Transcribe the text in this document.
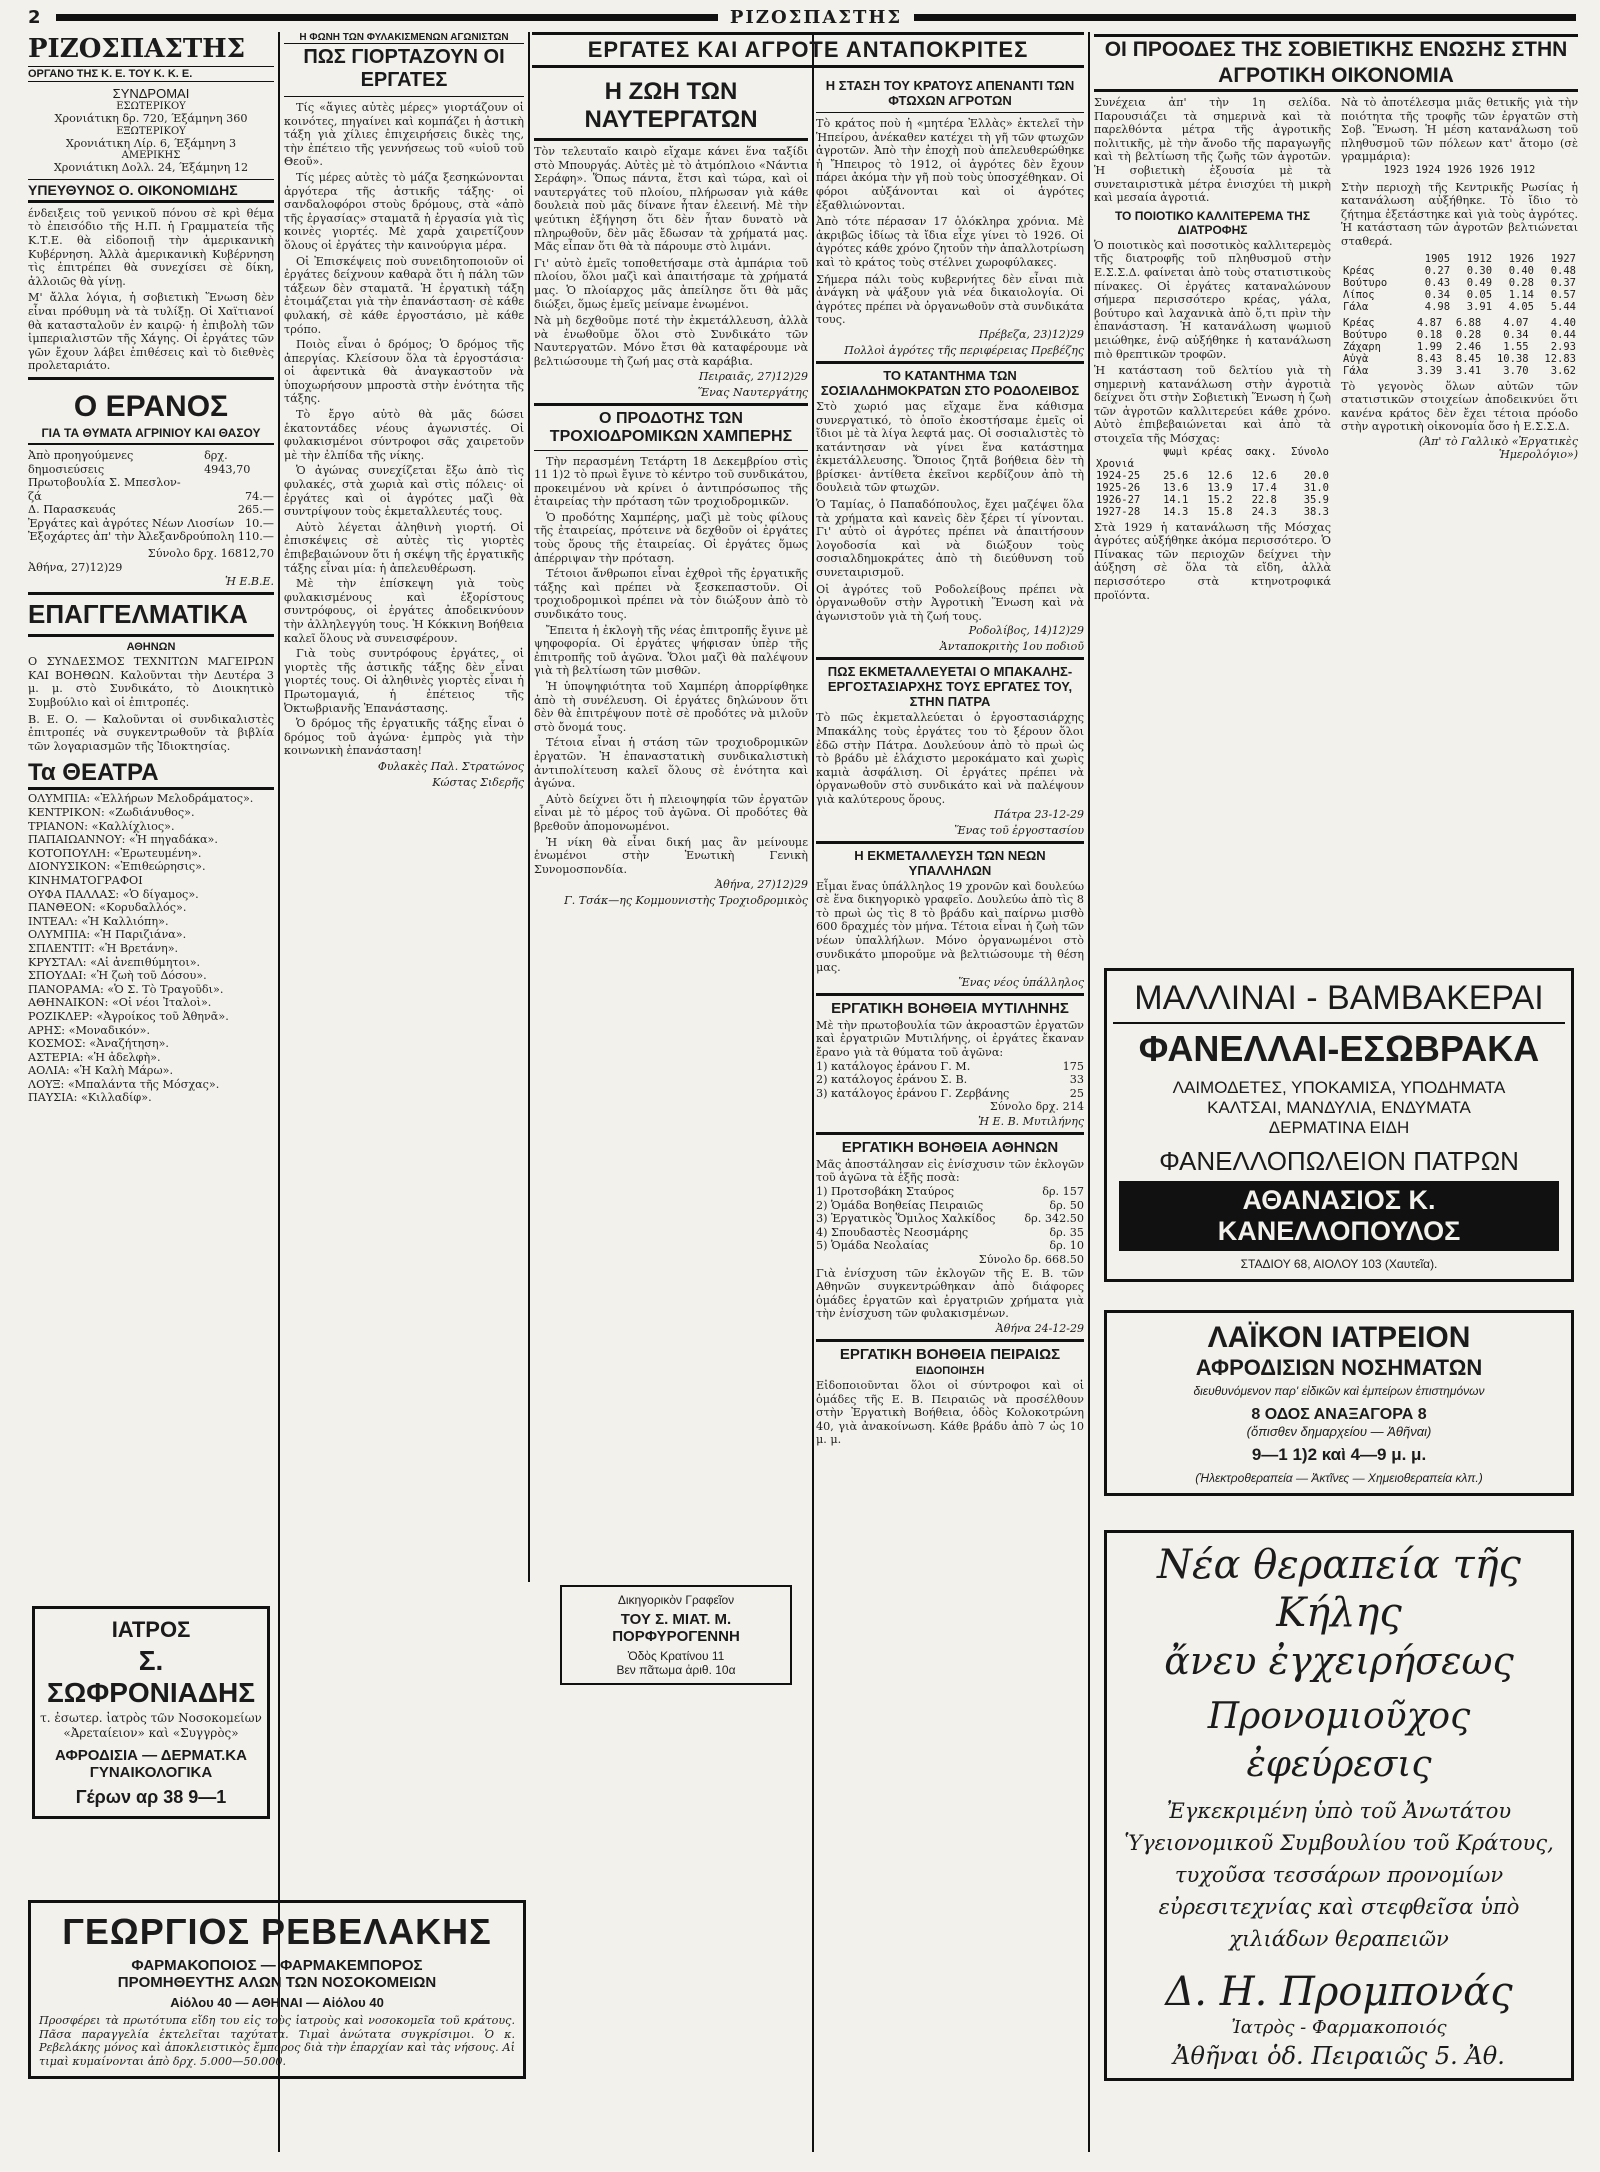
2	ΡΙΖΟΣΠΑΣΤΗΣ
ΡΙΖΟΣΠΑΣΤΗΣ
ΟΡΓΑΝΟ ΤΗΣ Κ. Ε. ΤΟΥ Κ. Κ. Ε.
ΣΥΝΔΡΟΜΑΙ
ΕΣΩΤΕΡΙΚΟΥ
Χρονιάτικη δρ. 720, Έξάμηνη 360
ΕΞΩΤΕΡΙΚΟΥ
Χρονιάτικη Λίρ. 6, Έξάμηνη 3
ΑΜΕΡΙΚΗΣ
Χρονιάτικη Δολλ. 24, Έξάμηνη 12
ΥΠΕΥΘΥΝΟΣ Ο. ΟΙΚΟΝΟΜΙΔΗΣ

ένδειξεις τοῦ γενικοῦ πόνου σὲ κρὶ θέμα τὸ ἐπεισόδιο τῆς Η.Π. ἡ Γραμματεία τῆς Κ.Τ.Ε. θὰ εἰδοποιῇ τὴν ἀμερικανικὴ Κυβέρνηση. Ἀλλὰ ἀμερικανικὴ Κυβέρνηση τὶς ἐπιτρέπει θὰ συνεχίσει σὲ δίκη, ἀλλοιῶς θὰ γίνῃ.

Μ' ἄλλα λόγια, ἡ σοβιετικὴ Ἕνωση δὲν εἶναι πρόθυμη νὰ τὰ τυλίξῃ. Οἱ Χαϊτιανοί θὰ κατασταλοῦν ἐν καιρῷ· ἡ ἐπιβολὴ τῶν ἰμπεριαλιστῶν τῆς Χάγης. Οἱ ἐργάτες τῶν γῶν ἔχουν λάβει ἐπιθέσεις καὶ τὸ διεθνὲς προλεταριάτο.

Ο ΕΡΑΝΟΣ
ΓΙΑ ΤΑ ΘΥΜΑΤΑ ΑΓΡΙΝΙΟΥ ΚΑΙ ΘΑΣΟΥ
Ἀπὸ προηγούμενες δημοσιεύσεις
δρχ. 4943,70
Πρωτοβουλία Σ. Μπεσλον-
ζά	74.—
Δ. Παρασκευάς	265.—
Ἐργάτες καὶ ἀγρότες Νέων Λιοσίων 10.—
Ἐξοχάρτες ἀπ' τὴν Ἀλεξανδρούπολη 110.—
Σύνολο δρχ. 16812,70
Ἀθήνα, 27)12)29
Ἡ Ε.Β.Ε.
ΕΠΑΓΓΕΛΜΑΤΙΚΑ
ΑΘΗΝΩΝ

Ο ΣΥΝΔΕΣΜΟΣ ΤΕΧΝΙΤΩΝ ΜΑΓΕΙΡΩΝ ΚΑΙ ΒΟΗΘΩΝ. Καλοῦνται τὴν Δευτέρα 3 μ. μ. στὸ Συνδικάτο, τὸ Διοικητικὸ Συμβούλιο καὶ οἱ ἐπιτροπές.

Β. Ε. Ο. — Καλοῦνται οἱ συνδικαλιστὲς ἐπιτροπές νὰ συγκεντρωθοῦν τὰ βιβλία τῶν λογαριασμῶν τῆς Ἰδιοκτησίας.

Τα ΘΕΑΤΡΑ
ΟΛΥΜΠΙΑ: «Ἐλλήρων Μελοδράματος».
ΚΕΝΤΡΙΚΟΝ: «Ζωδιάνυθος».
ΤΡΙΑΝΟΝ: «Καλλίχλιος».
ΠΑΠΑΙΩΑΝΝΟΥ: «Ἡ πηγαδάκα».
ΚΟΤΟΠΟΥΛΗ: «Ἐρωτευμένη».
ΔΙΟΝΥΣΙΚΟΝ: «Ἐπιθεώρησις».
ΚΙΝΗΜΑΤΟΓΡΑΦΟΙ
ΟΥΦΑ ΠΑΛΛΑΣ: «Ὁ δίγαμος».
ΠΑΝΘΕΟΝ: «Κορυδαλλός».
ΙΝΤΕΑΛ: «Ἡ Καλλιόπη».
ΟΛΥΜΠΙΑ: «Ἡ Παριζιάνα».
ΣΠΛΕΝΤΙΤ: «Ἡ Βρετάνη».
ΚΡΥΣΤΑΛ: «Αἱ ἀνεπιθύμητοι».
ΣΠΟΥΔΑΙ: «Ἡ ζωὴ τοῦ Δόσου».
ΠΑΝΟΡΑΜΑ: «Ὁ Σ. Τὸ Τραγοῦδι».
ΑΘΗΝΑΙΚΟΝ: «Οἱ νέοι Ἰταλοὶ».
ΡΟΖΙΚΛΕΡ: «Ἀγροίκος τοῦ Ἀθηνᾶ».
ΑΡΗΣ: «Μοναδικόν».
ΚΟΣΜΟΣ: «Ἀναζήτηση».
ΑΣΤΕΡΙΑ: «Ἡ ἀδελφὴ».
ΑΟΛΙΑ: «Ἡ Καλὴ Μάρω».
ΛΟΥΞ: «Μπαλάντα τῆς Μόσχας».
ΠΑΥΣΙΑ: «Κιλλαδίφ».
ΙΑΤΡΟΣ
Σ. ΣΩΦΡΟΝΙΑΔΗΣ
τ. ἐσωτερ. ἰατρὸς τῶν Νοσοκομείων «Ἀρεταίειον» καὶ «Συγγρὸς»
ΑΦΡΟΔΙΣΙΑ — ΔΕΡΜΑΤ.ΚΑ ΓΥΝΑΙΚΟΛΟΓΙΚΑ
Γέρων αρ 38 9—1
Η ΦΩΝΗ ΤΩΝ ΦΥΛΑΚΙΣΜΕΝΩΝ ΑΓΩΝΙΣΤΩΝ
ΠΩΣ ΓΙΟΡΤΑΖΟΥΝ ΟΙ ΕΡΓΑΤΕΣ

Τίς «ἅγιες αὐτὲς μέρες» γιορτάζουν οἱ κοινότες, πηγαίνει καὶ κομπάζει ἡ ἀστικὴ τάξη γιὰ χίλιες ἐπιχειρήσεις δικὲς της, τὴν ἐπέτειο τῆς γεννήσεως τοῦ «υἱοῦ τοῦ Θεοῦ».

Τίς μέρες αὐτὲς τὸ μάζα ξεσηκώνονται ἀργότερα τῆς ἀστικῆς τάξης· οἱ σανδαλοφόροι στοὺς δρόμους, στὰ «ἀπὸ τῆς ἐργασίας» σταματᾶ ἡ ἐργασία γιὰ τὶς κοινὲς γιορτές. Μὲ χαρὰ χαιρετίζουν ὅλους οἱ ἐργάτες τὴν καινούργια μέρα.

Οἱ Ἐπισκέψεις ποὺ συνειδητοποιοῦν οἱ ἐργάτες δείχνουν καθαρὰ ὅτι ἡ πάλη τῶν τάξεων δὲν σταματᾶ. Ἡ ἐργατικὴ τάξη ἐτοιμάζεται γιὰ τὴν ἐπανάσταση· σὲ κάθε φυλακή, σὲ κάθε ἐργοστάσιο, μὲ κάθε τρόπο.

Ποιὸς εἶναι ὁ δρόμος; Ὁ δρόμος τῆς ἀπεργίας. Κλείσουν ὅλα τὰ ἐργοστάσια· οἱ ἀφεντικὰ θὰ ἀναγκαστοῦν νὰ ὑποχωρήσουν μπροστὰ στὴν ἑνότητα τῆς τάξης.

Τὸ ἔργο αὐτὸ θὰ μᾶς δώσει ἑκατοντάδες νέους ἀγωνιστές. Οἱ φυλακισμένοι σύντροφοι σᾶς χαιρετοῦν μὲ τὴν ἐλπίδα τῆς νίκης.

Ὁ ἀγώνας συνεχίζεται ἔξω ἀπὸ τὶς φυλακές, στὰ χωριὰ καὶ στὶς πόλεις· οἱ ἐργάτες καὶ οἱ ἀγρότες μαζὶ θὰ συντρίψουν τοὺς ἐκμεταλλευτές τους.

Αὐτὸ λέγεται ἀληθινὴ γιορτή. Οἱ ἐπισκέψεις σὲ αὐτὲς τὶς γιορτὲς ἐπιβεβαιώνουν ὅτι ἡ σκέψη τῆς ἐργατικῆς τάξης εἶναι μία: ἡ ἀπελευθέρωση.

Μὲ τὴν ἐπίσκεψη γιὰ τοὺς φυλακισμένους καὶ ἐξορίστους συντρόφους, οἱ ἐργάτες ἀποδεικνύουν τὴν ἀλληλεγγύη τους. Ἡ Κόκκινη Βοήθεια καλεῖ ὅλους νὰ συνεισφέρουν.

Γιὰ τοὺς συντρόφους ἐργάτες, οἱ γιορτὲς τῆς ἀστικῆς τάξης δὲν εἶναι γιορτές τους. Οἱ ἀληθινὲς γιορτὲς εἶναι ἡ Πρωτομαγιά, ἡ ἐπέτειος τῆς Ὀκτωβριανῆς Ἐπανάστασης.

Ὁ δρόμος τῆς ἐργατικῆς τάξης εἶναι ὁ δρόμος τοῦ ἀγώνα· ἐμπρὸς γιὰ τὴν κοινωνικὴ ἐπανάσταση!

Φυλακὲς Παλ. Στρατώνος
Κώστας Σιδερῆς
Δικηγορικὸν Γραφεῖον
ΤΟΥ Σ. ΜΙΑΤ. Μ. ΠΟΡΦΥΡΟΓΕΝΝΗ
Ὁδὸς Κρατίνου 11
Βεν πᾶτωμα ἀριθ. 10α
ΓΕΩΡΓΙΟΣ ΡΕΒΕΛΑΚΗΣ
ΦΑΡΜΑΚΟΠΟΙΟΣ — ΦΑΡΜΑΚΕΜΠΟΡΟΣ
ΠΡΟΜΗΘΕΥΤΗΣ ΑΛΩΝ ΤΩΝ ΝΟΣΟΚΟΜΕΙΩΝ
Αἰόλου 40 — ΑΘΗΝΑΙ — Αἰόλου 40
Προσφέρει τὰ πρωτότυπα εἴδη του εἰς τοὺς ἰατροὺς καὶ νοσοκομεῖα τοῦ κράτους. Πᾶσα παραγγελία ἐκτελεῖται ταχύτατα. Τιμαὶ ἀνώτατα συγκρίσιμοι. Ὁ κ. Ρεβελάκης μόνος καὶ ἀποκλειστικὸς ἔμπορος διὰ τὴν ἐπαρχίαν καὶ τὰς νήσους. Αἱ τιμαὶ κυμαίνονται ἀπὸ δρχ. 5.000—50.000.
ΕΡΓΑΤΕΣ ΚΑΙ ΑΓΡΟΤΕ ΑΝΤΑΠΟΚΡΙΤΕΣ
Η ΖΩΗ ΤΩΝ ΝΑΥΤΕΡΓΑΤΩΝ

Τὸν τελευταῖο καιρὸ εἴχαμε κάνει ἕνα ταξίδι στὸ Μπουργάς. Αὐτὲς μὲ τὸ ἀτμόπλοιο «Νάντια Σεράφη». Ὅπως πάντα, ἔτσι καὶ τώρα, καὶ οἱ ναυτεργάτες τοῦ πλοίου, πλήρωσαν γιὰ κάθε δουλειὰ ποὺ μᾶς δίνανε ἦταν ἐλεεινή. Μὲ τὴν ψεύτικη ἐξήγηση ὅτι δὲν ἦταν δυνατὸ νὰ πληρωθοῦν, δὲν μᾶς ἔδωσαν τὰ χρήματά μας. Μᾶς εἶπαν ὅτι θὰ τὰ πάρουμε στὸ λιμάνι.

Γι' αὐτὸ ἐμεῖς τοποθετήσαμε στὰ ἀμπάρια τοῦ πλοίου, ὅλοι μαζὶ καὶ ἀπαιτήσαμε τὰ χρήματά μας. Ὁ πλοίαρχος μᾶς ἀπείλησε ὅτι θὰ μᾶς διώξει, ὅμως ἐμεῖς μείναμε ἑνωμένοι.

Νὰ μὴ δεχθοῦμε ποτέ τὴν ἐκμετάλλευση, ἀλλὰ νὰ ἑνωθοῦμε ὅλοι στὸ Συνδικάτο τῶν Ναυτεργατῶν. Μόνο ἔτσι θὰ καταφέρουμε νὰ βελτιώσουμε τὴ ζωή μας στὰ καράβια.

Πειραιᾶς, 27)12)29
Ἕνας Ναυτεργάτης
Ο ΠΡΟΔΟΤΗΣ ΤΩΝ ΤΡΟΧΙΟΔΡΟΜΙΚΩΝ ΧΑΜΠΕΡΗΣ

Τὴν περασμένη Τετάρτη 18 Δεκεμβρίου στὶς 11 1)2 τὸ πρωὶ ἔγινε τὸ κέντρο τοῦ συνδικάτου, προκειμένου νὰ κρίνει ὁ ἀντιπρόσωπος τῆς ἐταιρείας τὴν πρόταση τῶν τροχιοδρομικῶν.

Ὁ προδότης Χαμπέρης, μαζὶ μὲ τοὺς φίλους τῆς ἐταιρείας, πρότεινε νὰ δεχθοῦν οἱ ἐργάτες τοὺς ὅρους τῆς ἐταιρείας. Οἱ ἐργάτες ὅμως ἀπέρριψαν τὴν πρόταση.

Τέτοιοι ἄνθρωποι εἶναι ἐχθροὶ τῆς ἐργατικῆς τάξης καὶ πρέπει νὰ ξεσκεπαστοῦν. Οἱ τροχιοδρομικοὶ πρέπει νὰ τὸν διώξουν ἀπὸ τὸ συνδικάτο τους.

Ἔπειτα ἡ ἐκλογὴ τῆς νέας ἐπιτροπῆς ἔγινε μὲ ψηφοφορία. Οἱ ἐργάτες ψήφισαν ὑπὲρ τῆς ἐπιτροπῆς τοῦ ἀγῶνα. Ὅλοι μαζὶ θὰ παλέψουν γιὰ τὴ βελτίωση τῶν μισθῶν.

Ἡ ὑποψηφιότητα τοῦ Χαμπέρη ἀπορρίφθηκε ἀπὸ τὴ συνέλευση. Οἱ ἐργάτες δηλώνουν ὅτι δὲν θὰ ἐπιτρέψουν ποτὲ σὲ προδότες νὰ μιλοῦν στὸ ὄνομά τους.

Τέτοια εἶναι ἡ στάση τῶν τροχιοδρομικῶν ἐργατῶν. Ἡ ἐπαναστατικὴ συνδικαλιστικὴ ἀντιπολίτευση καλεῖ ὅλους σὲ ἑνότητα καὶ ἀγώνα.

Αὐτὸ δείχνει ὅτι ἡ πλειοψηφία τῶν ἐργατῶν εἶναι μὲ τὸ μέρος τοῦ ἀγῶνα. Οἱ προδότες θὰ βρεθοῦν ἀπομονωμένοι.

Ἡ νίκη θὰ εἶναι δική μας ἂν μείνουμε ἑνωμένοι στὴν Ἑνωτικὴ Γενικὴ Συνομοσπονδία.

Ἀθήνα, 27)12)29
Γ. Τσάκ—ης Κομμουνιστὴς Τροχιοδρομικὸς
Η ΣΤΑΣΗ ΤΟΥ ΚΡΑΤΟΥΣ ΑΠΕΝΑΝΤΙ ΤΩΝ ΦΤΩΧΩΝ ΑΓΡΟΤΩΝ

Τὸ κράτος ποὺ ἡ «μητέρα Ἐλλὰς» ἐκτελεῖ τὴν Ἡπείρου, ἀνέκαθεν κατέχει τὴ γῆ τῶν φτωχῶν ἀγροτῶν. Ἀπὸ τὴν ἐποχὴ ποὺ ἀπελευθερώθηκε ἡ Ἤπειρος τὸ 1912, οἱ ἀγρότες δὲν ἔχουν πάρει ἀκόμα τὴν γῆ ποὺ τοὺς ὑποσχέθηκαν. Οἱ φόροι αὐξάνονται καὶ οἱ ἀγρότες ἐξαθλιώνονται.

Ἀπὸ τότε πέρασαν 17 ὁλόκληρα χρόνια. Μὲ ἀκριβῶς ἰδίως τὰ ἴδια εἶχε γίνει τὸ 1926. Οἱ ἀγρότες κάθε χρόνο ζητοῦν τὴν ἀπαλλοτρίωση καὶ τὸ κράτος τοὺς στέλνει χωροφύλακες.

Σήμερα πάλι τοὺς κυβερνήτες δὲν εἶναι πιὰ ἀνάγκη νὰ ψάξουν γιὰ νέα δικαιολογία. Οἱ ἀγρότες πρέπει νὰ ὀργανωθοῦν στὰ συνδικάτα τους.

Πρέβεζα, 23)12)29
Πολλοὶ ἀγρότες τῆς περιφέρειας Πρεβέζης
ΤΟ ΚΑΤΑΝΤΗΜΑ ΤΩΝ ΣΟΣΙΑΛΔΗΜΟΚΡΑΤΩΝ ΣΤΟ ΡΟΔΟΛΕΙΒΟΣ

Στὸ χωριό μας εἴχαμε ἕνα κάθισμα συνεργατικό, τὸ ὁποῖο ἐκοστήσαμε ἐμεῖς οἱ ἴδιοι μὲ τὰ λίγα λεφτά μας. Οἱ σοσιαλιστὲς τὸ κατάντησαν νὰ γίνει ἕνα κατάστημα ἐκμετάλλευσης. Ὅποιος ζητᾶ βοήθεια δὲν τὴ βρίσκει· ἀντίθετα ἐκεῖνοι κερδίζουν ἀπὸ τὴ δουλειὰ τῶν φτωχῶν.

Ὁ Ταμίας, ὁ Παπαδόπουλος, ἔχει μαζέψει ὅλα τὰ χρήματα καὶ κανεὶς δὲν ξέρει τί γίνονται. Γι' αὐτὸ οἱ ἀγρότες πρέπει νὰ ἀπαιτήσουν λογοδοσία καὶ νὰ διώξουν τοὺς σοσιαλδημοκράτες ἀπὸ τὴ διεύθυνση τοῦ συνεταιρισμοῦ.

Οἱ ἀγρότες τοῦ Ροδολείβους πρέπει νὰ ὀργανωθοῦν στὴν Ἀγροτικὴ Ἕνωση καὶ νὰ ἀγωνιστοῦν γιὰ τὴ ζωή τους.

Ροδολίβος, 14)12)29
Ἀνταποκριτὴς 1ου ποδιοῦ
ΠΩΣ ΕΚΜΕΤΑΛΛΕΥΕΤΑΙ Ο ΜΠΑΚΑΛΗΣ-ΕΡΓΟΣΤΑΣΙΑΡΧΗΣ ΤΟΥΣ ΕΡΓΑΤΕΣ ΤΟΥ, ΣΤΗΝ ΠΑΤΡΑ

Τὸ πῶς ἐκμεταλλεύεται ὁ ἐργοστασιάρχης Μπακάλης τοὺς ἐργάτες του τὸ ξέρουν ὅλοι ἐδῶ στὴν Πάτρα. Δουλεύουν ἀπὸ τὸ πρωὶ ὡς τὸ βράδυ μὲ ἐλάχιστο μεροκάματο καὶ χωρὶς καμιὰ ἀσφάλιση. Οἱ ἐργάτες πρέπει νὰ ὀργανωθοῦν στὸ συνδικάτο καὶ νὰ παλέψουν γιὰ καλύτερους ὅρους.

Πάτρα 23-12-29
Ἕνας τοῦ ἐργοστασίου
Η ΕΚΜΕΤΑΛΛΕΥΣΗ ΤΩΝ ΝΕΩΝ ΥΠΑΛΛΗΛΩΝ

Εἶμαι ἕνας ὑπάλληλος 19 χρονῶν καὶ δουλεύω σὲ ἕνα δικηγορικὸ γραφεῖο. Δουλεύω ἀπὸ τὶς 8 τὸ πρωὶ ὡς τὶς 8 τὸ βράδυ καὶ παίρνω μισθὸ 600 δραχμές τὸν μήνα. Τέτοια εἶναι ἡ ζωὴ τῶν νέων ὑπαλλήλων. Μόνο ὀργανωμένοι στὸ συνδικάτο μποροῦμε νὰ βελτιώσουμε τὴ θέση μας.

Ἕνας νέος ὑπάλληλος
ΕΡΓΑΤΙΚΗ ΒΟΗΘΕΙΑ ΜΥΤΙΛΗΝΗΣ

Μὲ τὴν πρωτοβουλία τῶν ἀκροαστῶν ἐργατῶν καὶ ἐργατριῶν Μυτιλήνης, οἱ ἐργάτες ἔκαναν ἔρανο γιὰ τὰ θύματα τοῦ ἀγῶνα:

1) κατάλογος ἐράνου Γ. Μ.	175
2) κατάλογος ἐράνου Σ. Β.	33
3) κατάλογος ἐράνου Γ. Ζερβάνης	25
Σύνολο δρχ. 214
Ἡ Ε. Β. Μυτιλήνης
ΕΡΓΑΤΙΚΗ ΒΟΗΘΕΙΑ ΑΘΗΝΩΝ

Μᾶς ἀποστάλησαν εἰς ἐνίσχυσιν τῶν ἐκλογῶν τοῦ ἀγῶνα τὰ ἑξῆς ποσὰ:

1) Προτσοβάκη Σταύρος	δρ. 157
2) Ὁμάδα Βοηθείας Πειραιῶς	δρ. 50
3) Ἐργατικὸς Ὅμιλος Χαλκίδος	δρ. 342.50
4) Σπουδαστὲς Νεοσμάρης	δρ. 35
5) Ὁμάδα Νεολαίας	δρ. 10
Σύνολο δρ. 668.50

Γιὰ ἐνίσχυση τῶν ἐκλογῶν τῆς Ε. Β. τῶν Αθηνῶν συγκεντρώθηκαν ἀπὸ διάφορες ὁμάδες ἐργατῶν καὶ ἐργατριῶν χρήματα γιὰ τὴν ἐνίσχυση τῶν φυλακισμένων.

Ἀθήνα 24-12-29
ΕΡΓΑΤΙΚΗ ΒΟΗΘΕΙΑ ΠΕΙΡΑΙΩΣ
ΕΙΔΟΠΟΙΗΣΗ

Εἰδοποιοῦνται ὅλοι οἱ σύντροφοι καὶ οἱ ὁμάδες τῆς Ε. Β. Πειραιῶς νὰ προσέλθουν στὴν Ἐργατικὴ Βοήθεια, ὁδὸς Κολοκοτρώνη 40, γιὰ ἀνακοίνωση. Κάθε βράδυ ἀπὸ 7 ὡς 10 μ. μ.

ΟΙ ΠΡΟΟΔΕΣ ΤΗΣ ΣΟΒΙΕΤΙΚΗΣ ΕΝΩΣΗΣ ΣΤΗΝ ΑΓΡΟΤΙΚΗ ΟΙΚΟΝΟΜΙΑ

Συνέχεια ἀπ' τὴν 1η σελίδα. Παρουσιάζει τὰ σημερινὰ καὶ τὰ παρελθόντα μέτρα τῆς ἀγροτικῆς πολιτικῆς, μὲ τὴν ἄνοδο τῆς παραγωγῆς καὶ τὴ βελτίωση τῆς ζωῆς τῶν ἀγροτῶν. Ἡ σοβιετικὴ ἐξουσία μὲ τὰ συνεταιριστικὰ μέτρα ἐνισχύει τὴ μικρὴ καὶ μεσαία ἀγροτιά.

ΤΟ ΠΟΙΟΤΙΚΟ ΚΑΛΛΙΤΕΡΕΜΑ ΤΗΣ ΔΙΑΤΡΟΦΗΣ

Ὁ ποιοτικὸς καὶ ποσοτικὸς καλλιτερεμὸς τῆς διατροφῆς τοῦ πληθυσμοῦ στὴν Ε.Σ.Σ.Δ. φαίνεται ἀπὸ τοὺς στατιστικοὺς πίνακες. Οἱ ἐργάτες καταναλώνουν σήμερα περισσότερο κρέας, γάλα, βούτυρο καὶ λαχανικὰ ἀπὸ ὅ,τι πρὶν τὴν ἐπανάσταση. Ἡ κατανάλωση ψωμιοῦ μειώθηκε, ἐνῷ αὐξήθηκε ἡ κατανάλωση πιὸ θρεπτικῶν τροφῶν.

Ἡ κατάσταση τοῦ δελτίου γιὰ τὴ σημερινὴ κατανάλωση στὴν ἀγροτιὰ δείχνει ὅτι στὴν Σοβιετικὴ Ἕνωση ἡ ζωὴ τῶν ἀγροτῶν καλλιτερεύει κάθε χρόνο. Αὐτὸ ἐπιβεβαιώνεται καὶ ἀπὸ τὰ στοιχεῖα τῆς Μόσχας:

	ψωμὶ	κρέας	σακχ.	Σύνολο
Χρονιά				
1924-25	25.6	12.6	12.6	20.0
1925-26	13.6	13.9	17.4	31.0
1926-27	14.1	15.2	22.8	35.9
1927-28	14.3	15.8	24.3	38.3

Στὰ 1929 ἡ κατανάλωση τῆς Μόσχας ἀγρότες αὐξήθηκε ἀκόμα περισσότερο. Ὁ Πίνακας τῶν περιοχῶν δείχνει τὴν ἀύξηση σὲ ὅλα τὰ εἴδη, ἀλλὰ περισσότερο στὰ κτηνοτροφικά προϊόντα.

Νὰ τὸ ἀποτέλεσμα μιᾶς θετικῆς γιὰ τὴν ποιότητα τῆς τροφῆς τῶν ἐργατῶν στὴ Σοβ. Ἕνωση. Ἡ μέση κατανάλωση τοῦ πληθυσμοῦ τῶν πόλεων κατ' ἄτομο (σὲ γραμμάρια):

1923 1924 1926 1926 1912

Στὴν περιοχὴ τῆς Κεντρικῆς Ρωσίας ἡ κατανάλωση αὐξήθηκε. Τὸ ἴδιο τὸ ζήτημα ἐξετάστηκε καὶ γιὰ τοὺς ἀγρότες. Ἡ κατάσταση τῶν ἀγροτῶν βελτιώνεται σταθερά.

	1905	1912	1926	1927
Κρέας	0.27	0.30	0.40	0.48
Βούτυρο	0.43	0.49	0.28	0.37
Λίπος	0.34	0.05	1.14	0.57
Γάλα	4.98	3.91	4.05	5.44
Κρέας	4.87	6.88	4.07	4.40
Βούτυρο	0.18	0.28	0.34	0.44
Ζάχαρη	1.99	2.46	1.55	2.93
Αὐγὰ	8.43	8.45	10.38	12.83
Γάλα	3.39	3.41	3.70	3.62

Τὸ γεγονὸς ὅλων αὐτῶν τῶν στατιστικῶν στοιχείων ἀποδεικνύει ὅτι κανένα κράτος δὲν ἔχει τέτοια πρόοδο στὴν αγροτικὴ οἰκονομία ὅσο ἡ Ε.Σ.Σ.Δ.

(Ἀπ' τὸ Γαλλικὸ «Ἐργατικὲς Ἡμερολόγιο»)
ΜΑΛΛΙΝΑΙ - ΒΑΜΒΑΚΕΡΑΙ
ΦΑΝΕΛΛΑΙ-ΕΣΩΒΡΑΚΑ
ΛΑΙΜΟΔΕΤΕΣ, ΥΠΟΚΑΜΙΣΑ, ΥΠΟΔΗΜΑΤΑ
ΚΑΛΤΣΑΙ, ΜΑΝΔΥΛΙΑ, ΕΝΔΥΜΑΤΑ
ΔΕΡΜΑΤΙΝΑ ΕΙΔΗ
ΦΑΝΕΛΛΟΠΩΛΕΙΟΝ ΠΑΤΡΩΝ
ΑΘΑΝΑΣΙΟΣ Κ. ΚΑΝΕΛΛΟΠΟΥΛΟΣ
ΣΤΑΔΙΟΥ 68, ΑΙΟΛΟΥ 103 (Χαυτεῖα).
ΛΑΪΚΟΝ ΙΑΤΡΕΙΟΝ
ΑΦΡΟΔΙΣΙΩΝ ΝΟΣΗΜΑΤΩΝ
διευθυνόμενον παρ' εἰδικῶν καὶ ἐμπείρων ἐπιστημόνων
8 ΟΔΟΣ ΑΝΑΞΑΓΟΡΑ 8
(ὄπισθεν δημαρχείου — Ἀθῆναι)
9—1 1)2 καὶ 4—9 μ. μ.
(Ἠλεκτροθεραπεία — Ἀκτῖνες — Χημειοθεραπεία κλπ.)
Νέα θεραπεία τῆς Κήλης
ἄνευ ἐγχειρήσεως
Προνομιοῦχος ἐφεύρεσις
Ἐγκεκριμένη ὑπὸ τοῦ Ἀνωτάτου Ὑγειονομικοῦ Συμβουλίου τοῦ Κράτους, τυχοῦσα τεσσάρων προνομίων εὐρεσιτεχνίας καὶ στεφθεῖσα ὑπὸ χιλιάδων θεραπειῶν
Δ. Η. Προμπονάς
Ἰατρὸς - Φαρμακοποιός
Ἀθῆναι ὁδ. Πειραιῶς 5. Ἀθ.
